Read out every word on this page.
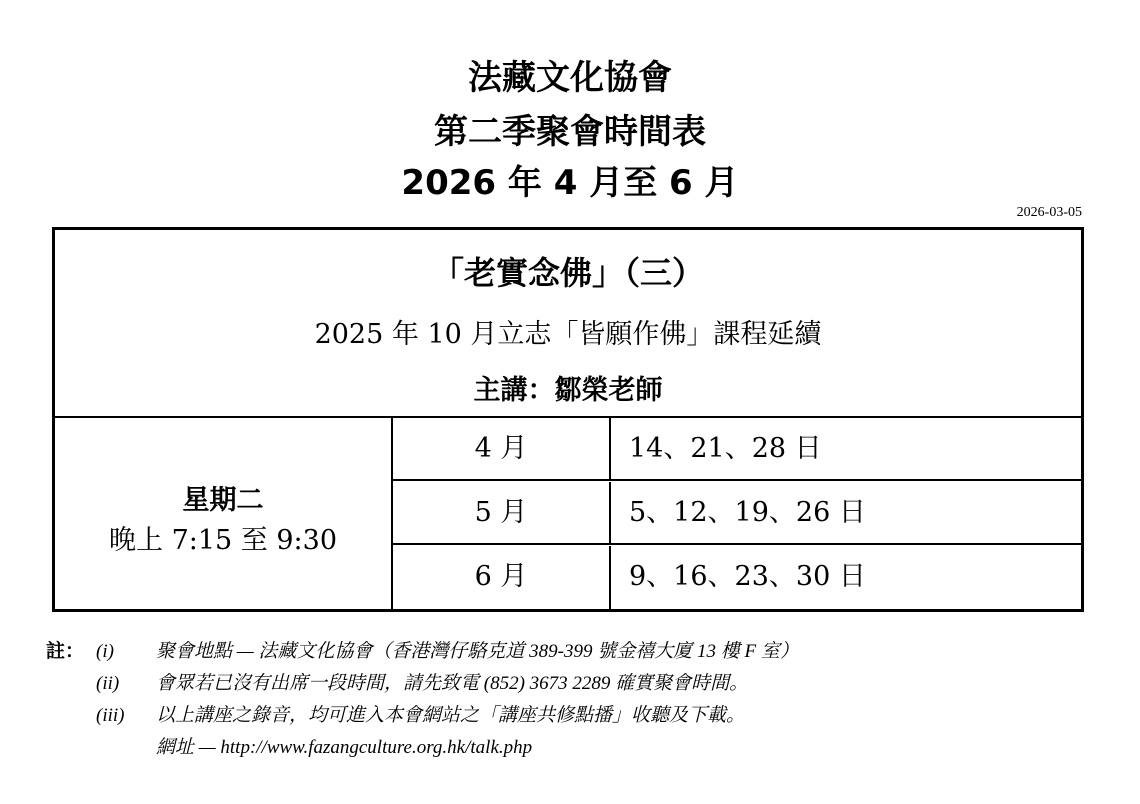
法藏文化協會
第二季聚會時間表
2026 年 4 月至 6 月
2026-03-05
「老實念佛」（三）
2025 年 10 月立志「皆願作佛」課程延續
主講：鄒榮老師
星期二
晚上 7:15 至 9:30
4 月	14、21、28 日
5 月	5、12、19、26 日
6 月	9、16、23、30 日
註： (i) 聚會地點 — 法藏文化協會（香港灣仔駱克道 389-399 號金禧大廈 13 樓 F 室）
(ii) 會眾若已沒有出席一段時間，請先致電 (852) 3673 2289 確實聚會時間。
(iii) 以上講座之錄音，均可進入本會網站之「講座共修點播」收聽及下載。
網址 — http://www.fazangculture.org.hk/talk.php
